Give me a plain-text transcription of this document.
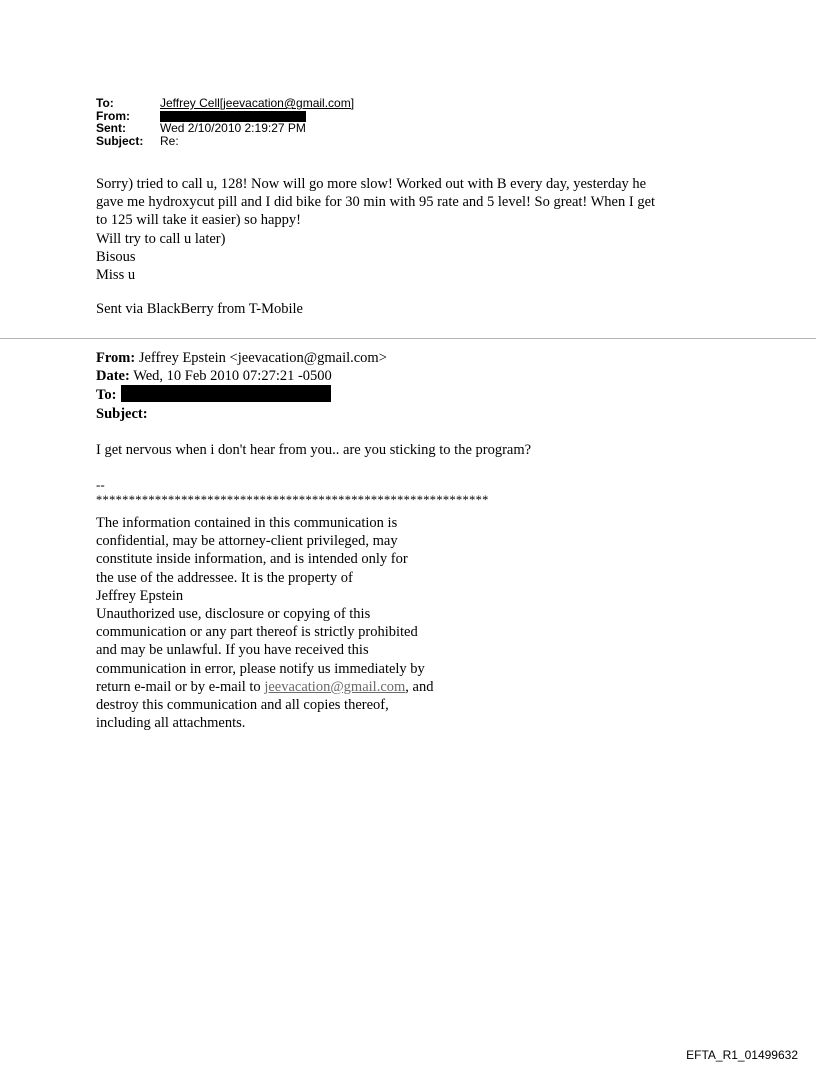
To:	Jeffrey Cell[jeevacation@gmail.com]
From:
Sent:	Wed 2/10/2010 2:19:27 PM
Subject:	Re:

Sorry) tried to call u, 128! Now will go more slow! Worked out with B every day, yesterday he

gave me hydroxycut pill and I did bike for 30 min with 95 rate and 5 level! So great! When I get

to 125 will take it easier) so happy!

Will try to call u later)

Bisous

Miss u

Sent via BlackBerry from T-Mobile

From: Jeffrey Epstein <jeevacation@gmail.com>

Date: Wed, 10 Feb 2010 07:27:21 -0500

To:

Subject:

I get nervous when i don't hear from you.. are you sticking to the program?
--
************************************************************

The information contained in this communication is

confidential, may be attorney-client privileged, may

constitute inside information, and is intended only for

the use of the addressee. It is the property of

Jeffrey Epstein

Unauthorized use, disclosure or copying of this

communication or any part thereof is strictly prohibited

and may be unlawful. If you have received this

communication in error, please notify us immediately by

return e-mail or by e-mail to jeevacation@gmail.com, and

destroy this communication and all copies thereof,

including all attachments.

EFTA_R1_01499632
